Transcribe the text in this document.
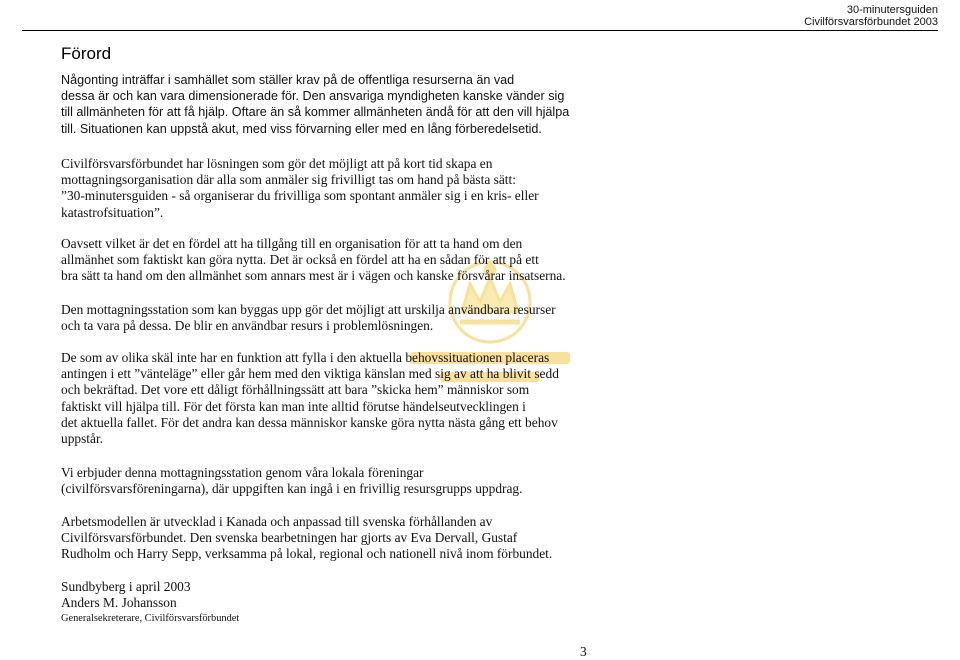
30-minutersguiden
Civilförsvarsförbundet 2003
Förord
Någonting inträffar i samhället som ställer krav på de offentliga resurserna än vad
dessa är och kan vara dimensionerade för. Den ansvariga myndigheten kanske vänder sig
till allmänheten för att få hjälp. Oftare än så kommer allmänheten ändå för att den vill hjälpa
till. Situationen kan uppstå akut, med viss förvarning eller med en lång förberedelsetid.
Civilförsvarsförbundet har lösningen som gör det möjligt att på kort tid skapa en
mottagningsorganisation där alla som anmäler sig frivilligt tas om hand på bästa sätt:
”30-minutersguiden - så organiserar du frivilliga som spontant anmäler sig i en kris- eller
katastrofsituation”.
Oavsett vilket är det en fördel att ha tillgång till en organisation för att ta hand om den
allmänhet som faktiskt kan göra nytta. Det är också en fördel att ha en sådan för att på ett
bra sätt ta hand om den allmänhet som annars mest är i vägen och kanske försvårar insatserna.
Den mottagningsstation som kan byggas upp gör det möjligt att urskilja användbara resurser
och ta vara på dessa. De blir en användbar resurs i problemlösningen.
De som av olika skäl inte har en funktion att fylla i den aktuella behovssituationen placeras
antingen i ett ”vänteläge” eller går hem med den viktiga känslan med sig av att ha blivit sedd
och bekräftad. Det vore ett dåligt förhållningssätt att bara ”skicka hem” människor som
faktiskt vill hjälpa till. För det första kan man inte alltid förutse händelseutvecklingen i
det aktuella fallet. För det andra kan dessa människor kanske göra nytta nästa gång ett behov
uppstår.
Vi erbjuder denna mottagningsstation genom våra lokala föreningar
(civilförsvarsföreningarna), där uppgiften kan ingå i en frivillig resursgrupps uppdrag.
Arbetsmodellen är utvecklad i Kanada och anpassad till svenska förhållanden av
Civilförsvarsförbundet. Den svenska bearbetningen har gjorts av Eva Dervall, Gustaf
Rudholm och Harry Sepp, verksamma på lokal, regional och nationell nivå inom förbundet.
Sundbyberg i april 2003
Anders M. Johansson
Generalsekreterare, Civilförsvarsförbundet
3
